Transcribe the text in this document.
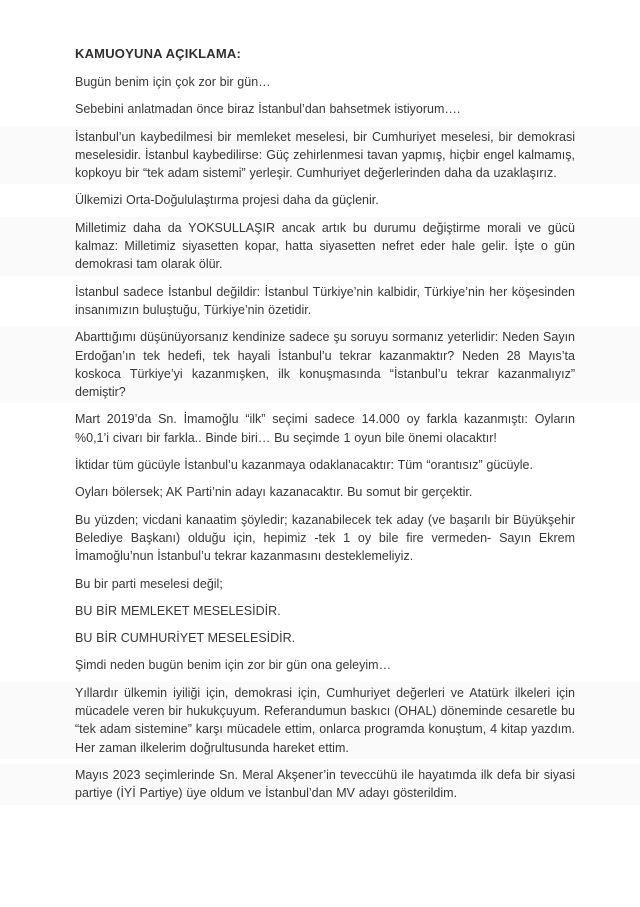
KAMUOYUNA AÇIKLAMA:

Bugün benim için çok zor bir gün…

Sebebini anlatmadan önce biraz İstanbul’dan bahsetmek istiyorum….

İstanbul’un kaybedilmesi bir memleket meselesi, bir Cumhuriyet meselesi, bir demokrasi meselesidir. İstanbul kaybedilirse: Güç zehirlenmesi tavan yapmış, hiçbir engel kalmamış, kopkoyu bir “tek adam sistemi” yerleşir. Cumhuriyet değerlerinden daha da uzaklaşırız.

Ülkemizi Orta-Doğululaştırma projesi daha da güçlenir.

Milletimiz daha da YOKSULLAŞIR ancak artık bu durumu değiştirme morali ve gücü kalmaz: Milletimiz siyasetten kopar, hatta siyasetten nefret eder hale gelir. İşte o gün demokrasi tam olarak ölür.

İstanbul sadece İstanbul değildir: İstanbul Türkiye’nin kalbidir, Türkiye’nin her köşesinden insanımızın buluştuğu, Türkiye’nin özetidir.

Abarttığımı düşünüyorsanız kendinize sadece şu soruyu sormanız yeterlidir: Neden Sayın Erdoğan’ın tek hedefi, tek hayali İstanbul’u tekrar kazanmaktır? Neden 28 Mayıs’ta koskoca Türkiye’yi kazanmışken, ilk konuşmasında “İstanbul’u tekrar kazanmalıyız” demiştir?

Mart 2019’da Sn. İmamoğlu “ilk” seçimi sadece 14.000 oy farkla kazanmıştı: Oyların %0,1’i civarı bir farkla.. Binde biri… Bu seçimde 1 oyun bile önemi olacaktır!

İktidar tüm gücüyle İstanbul’u kazanmaya odaklanacaktır: Tüm “orantısız” gücüyle.

Oyları bölersek; AK Parti’nin adayı kazanacaktır. Bu somut bir gerçektir.

Bu yüzden; vicdani kanaatim şöyledir; kazanabilecek tek aday (ve başarılı bir Büyükşehir Belediye Başkanı) olduğu için, hepimiz -tek 1 oy bile fire vermeden- Sayın Ekrem İmamoğlu’nun İstanbul’u tekrar kazanmasını desteklemeliyiz.

Bu bir parti meselesi değil;

BU BİR MEMLEKET MESELESİDİR.

BU BİR CUMHURİYET MESELESİDİR.

Şimdi neden bugün benim için zor bir gün ona geleyim…

Yıllardır ülkemin iyiliği için, demokrasi için, Cumhuriyet değerleri ve Atatürk ilkeleri için mücadele veren bir hukukçuyum. Referandumun baskıcı (OHAL) döneminde cesaretle bu “tek adam sistemine” karşı mücadele ettim, onlarca programda konuştum, 4 kitap yazdım. Her zaman ilkelerim doğrultusunda hareket ettim.

Mayıs 2023 seçimlerinde Sn. Meral Akşener’in teveccühü ile hayatımda ilk defa bir siyasi partiye (İYİ Partiye) üye oldum ve İstanbul’dan MV adayı gösterildim.
